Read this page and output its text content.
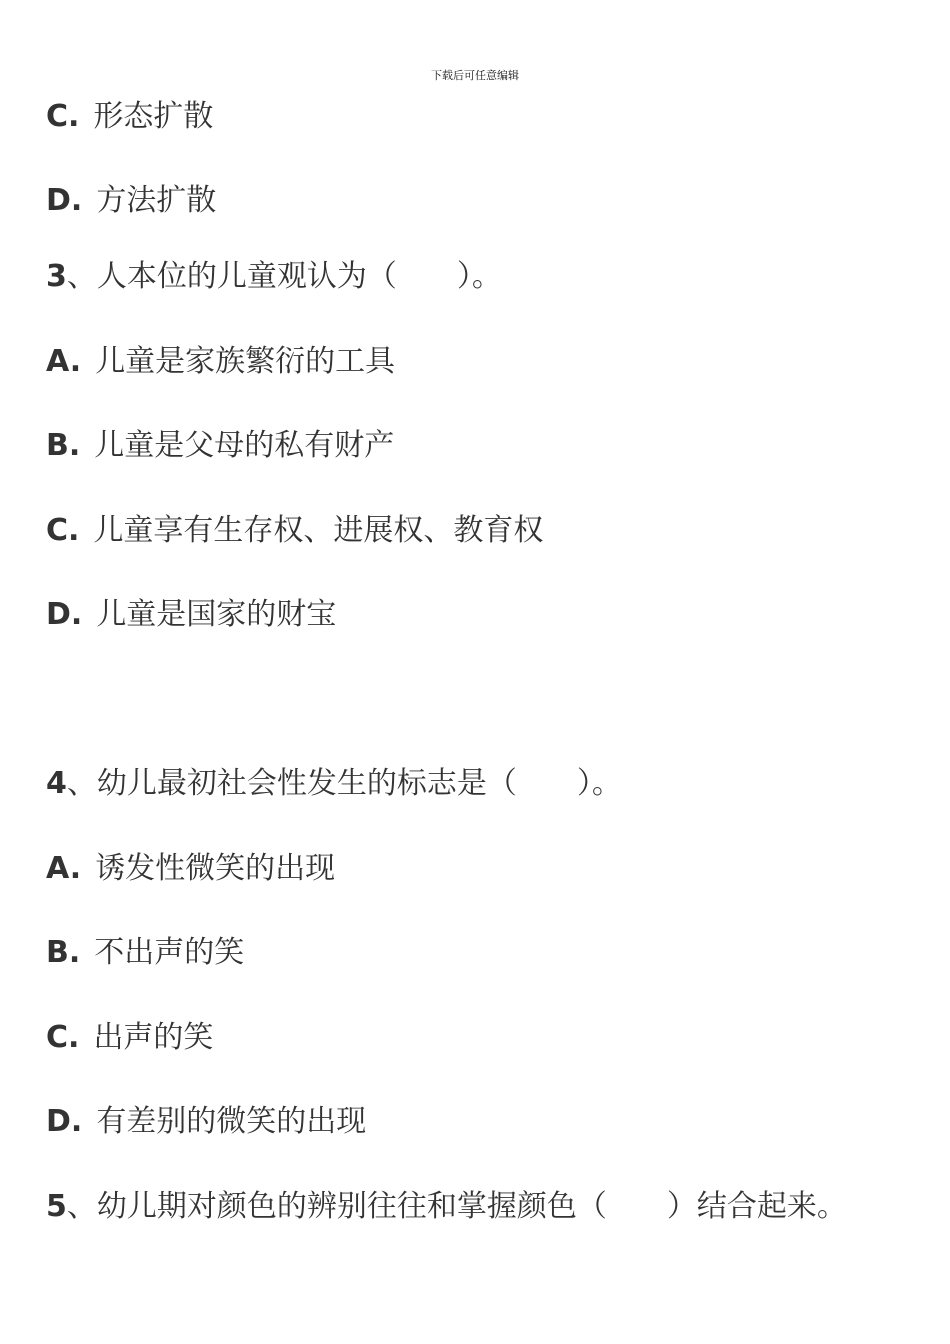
下载后可任意编辑
C. 形态扩散
D. 方法扩散
3、人本位的儿童观认为（　　）。
A. 儿童是家族繁衍的工具
B. 儿童是父母的私有财产
C. 儿童享有生存权、进展权、教育权
D. 儿童是国家的财宝
4、幼儿最初社会性发生的标志是（　　）。
A. 诱发性微笑的出现
B. 不出声的笑
C. 出声的笑
D. 有差别的微笑的出现
5、幼儿期对颜色的辨别往往和掌握颜色（　　）结合起来。
